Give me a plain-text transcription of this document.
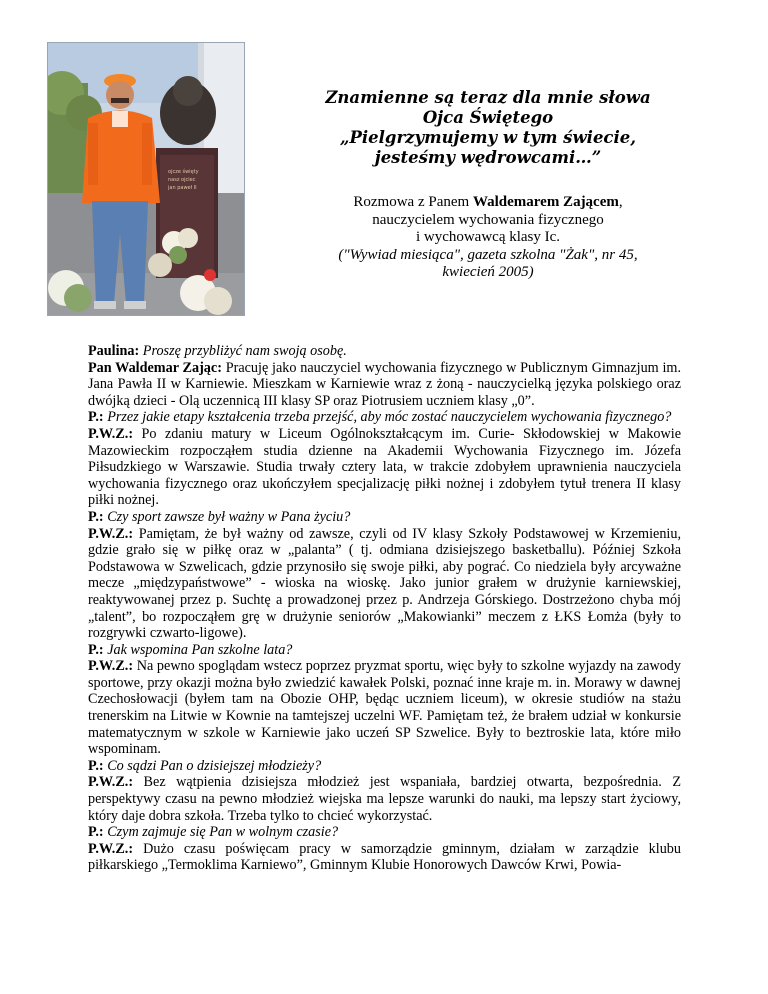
ojcze święty
nasz ojciec
jan paweł II
Znamienne są teraz dla mnie słowa
Ojca Świętego
„Pielgrzymujemy w tym świecie,
jesteśmy wędrowcami…”
Rozmowa z Panem Waldemarem Zającem,
nauczycielem wychowania fizycznego
i wychowawcą klasy Ic.
("Wywiad miesiąca", gazeta szkolna "Żak", nr 45,
kwiecień 2005)

Paulina: Proszę przybliżyć nam swoją osobę.

Pan Waldemar Zając: Pracuję jako nauczyciel wychowania fizycznego w Publicznym Gimnazjum im. Jana Pawła II w Karniewie. Mieszkam w Karniewie wraz z żoną - nauczycielką języka polskiego oraz dwójką dzieci - Olą uczennicą III klasy SP oraz Piotrusiem uczniem klasy „0”.

P.: Przez jakie etapy kształcenia trzeba przejść, aby móc zostać nauczycielem wychowania fizycznego?

P.W.Z.: Po zdaniu matury w Liceum Ogólnokształcącym im. Curie- Skłodowskiej w Makowie Mazowieckim rozpocząłem studia dzienne na Akademii Wychowania Fizycznego im. Józefa Piłsudzkiego w Warszawie. Studia trwały cztery lata, w trakcie zdobyłem uprawnienia nauczyciela wychowania fizycznego oraz ukończyłem specjalizację piłki nożnej i zdobyłem tytuł trenera II klasy piłki nożnej.

P.: Czy sport zawsze był ważny w Pana życiu?

P.W.Z.: Pamiętam, że był ważny od zawsze, czyli od IV klasy Szkoły Podstawowej w Krzemieniu, gdzie grało się w piłkę oraz w „palanta” ( tj. odmiana dzisiejszego basketballu). Później Szkoła Podstawowa w Szwelicach, gdzie przynosiło się swoje piłki, aby pograć. Co niedziela były arcyważne mecze „międzypaństwowe” - wioska na wioskę. Jako junior grałem w drużynie karniewskiej, reaktywowanej przez p. Suchtę a prowadzonej przez p. Andrzeja Górskiego. Dostrzeżono chyba mój „talent”, bo rozpocząłem grę w drużynie seniorów „Makowianki” meczem z ŁKS Łomża (były to rozgrywki czwarto-ligowe).

P.: Jak wspomina Pan szkolne lata?

P.W.Z.: Na pewno spoglądam wstecz poprzez pryzmat sportu, więc były to szkolne wyjazdy na zawody sportowe, przy okazji można było zwiedzić kawałek Polski, poznać inne kraje m. in. Morawy w dawnej Czechosłowacji (byłem tam na Obozie OHP, będąc uczniem liceum), w okresie studiów na stażu trenerskim na Litwie w Kownie na tamtejszej uczelni WF. Pamiętam też, że brałem udział w konkursie matematycznym w szkole w Karniewie jako uczeń SP Szwelice. Były to beztroskie lata, które miło wspominam.

P.: Co sądzi Pan o dzisiejszej młodzieży?

P.W.Z.: Bez wątpienia dzisiejsza młodzież jest wspaniała, bardziej otwarta, bezpośrednia. Z perspektywy czasu na pewno młodzież wiejska ma lepsze warunki do nauki, ma lepszy start życiowy, który daje dobra szkoła. Trzeba tylko to chcieć wykorzystać.

P.: Czym zajmuje się Pan w wolnym czasie?

P.W.Z.: Dużo czasu poświęcam pracy w samorządzie gminnym, działam w zarządzie klubu piłkarskiego „Termoklima Karniewo”, Gminnym Klubie Honorowych Dawców Krwi, Powia-
